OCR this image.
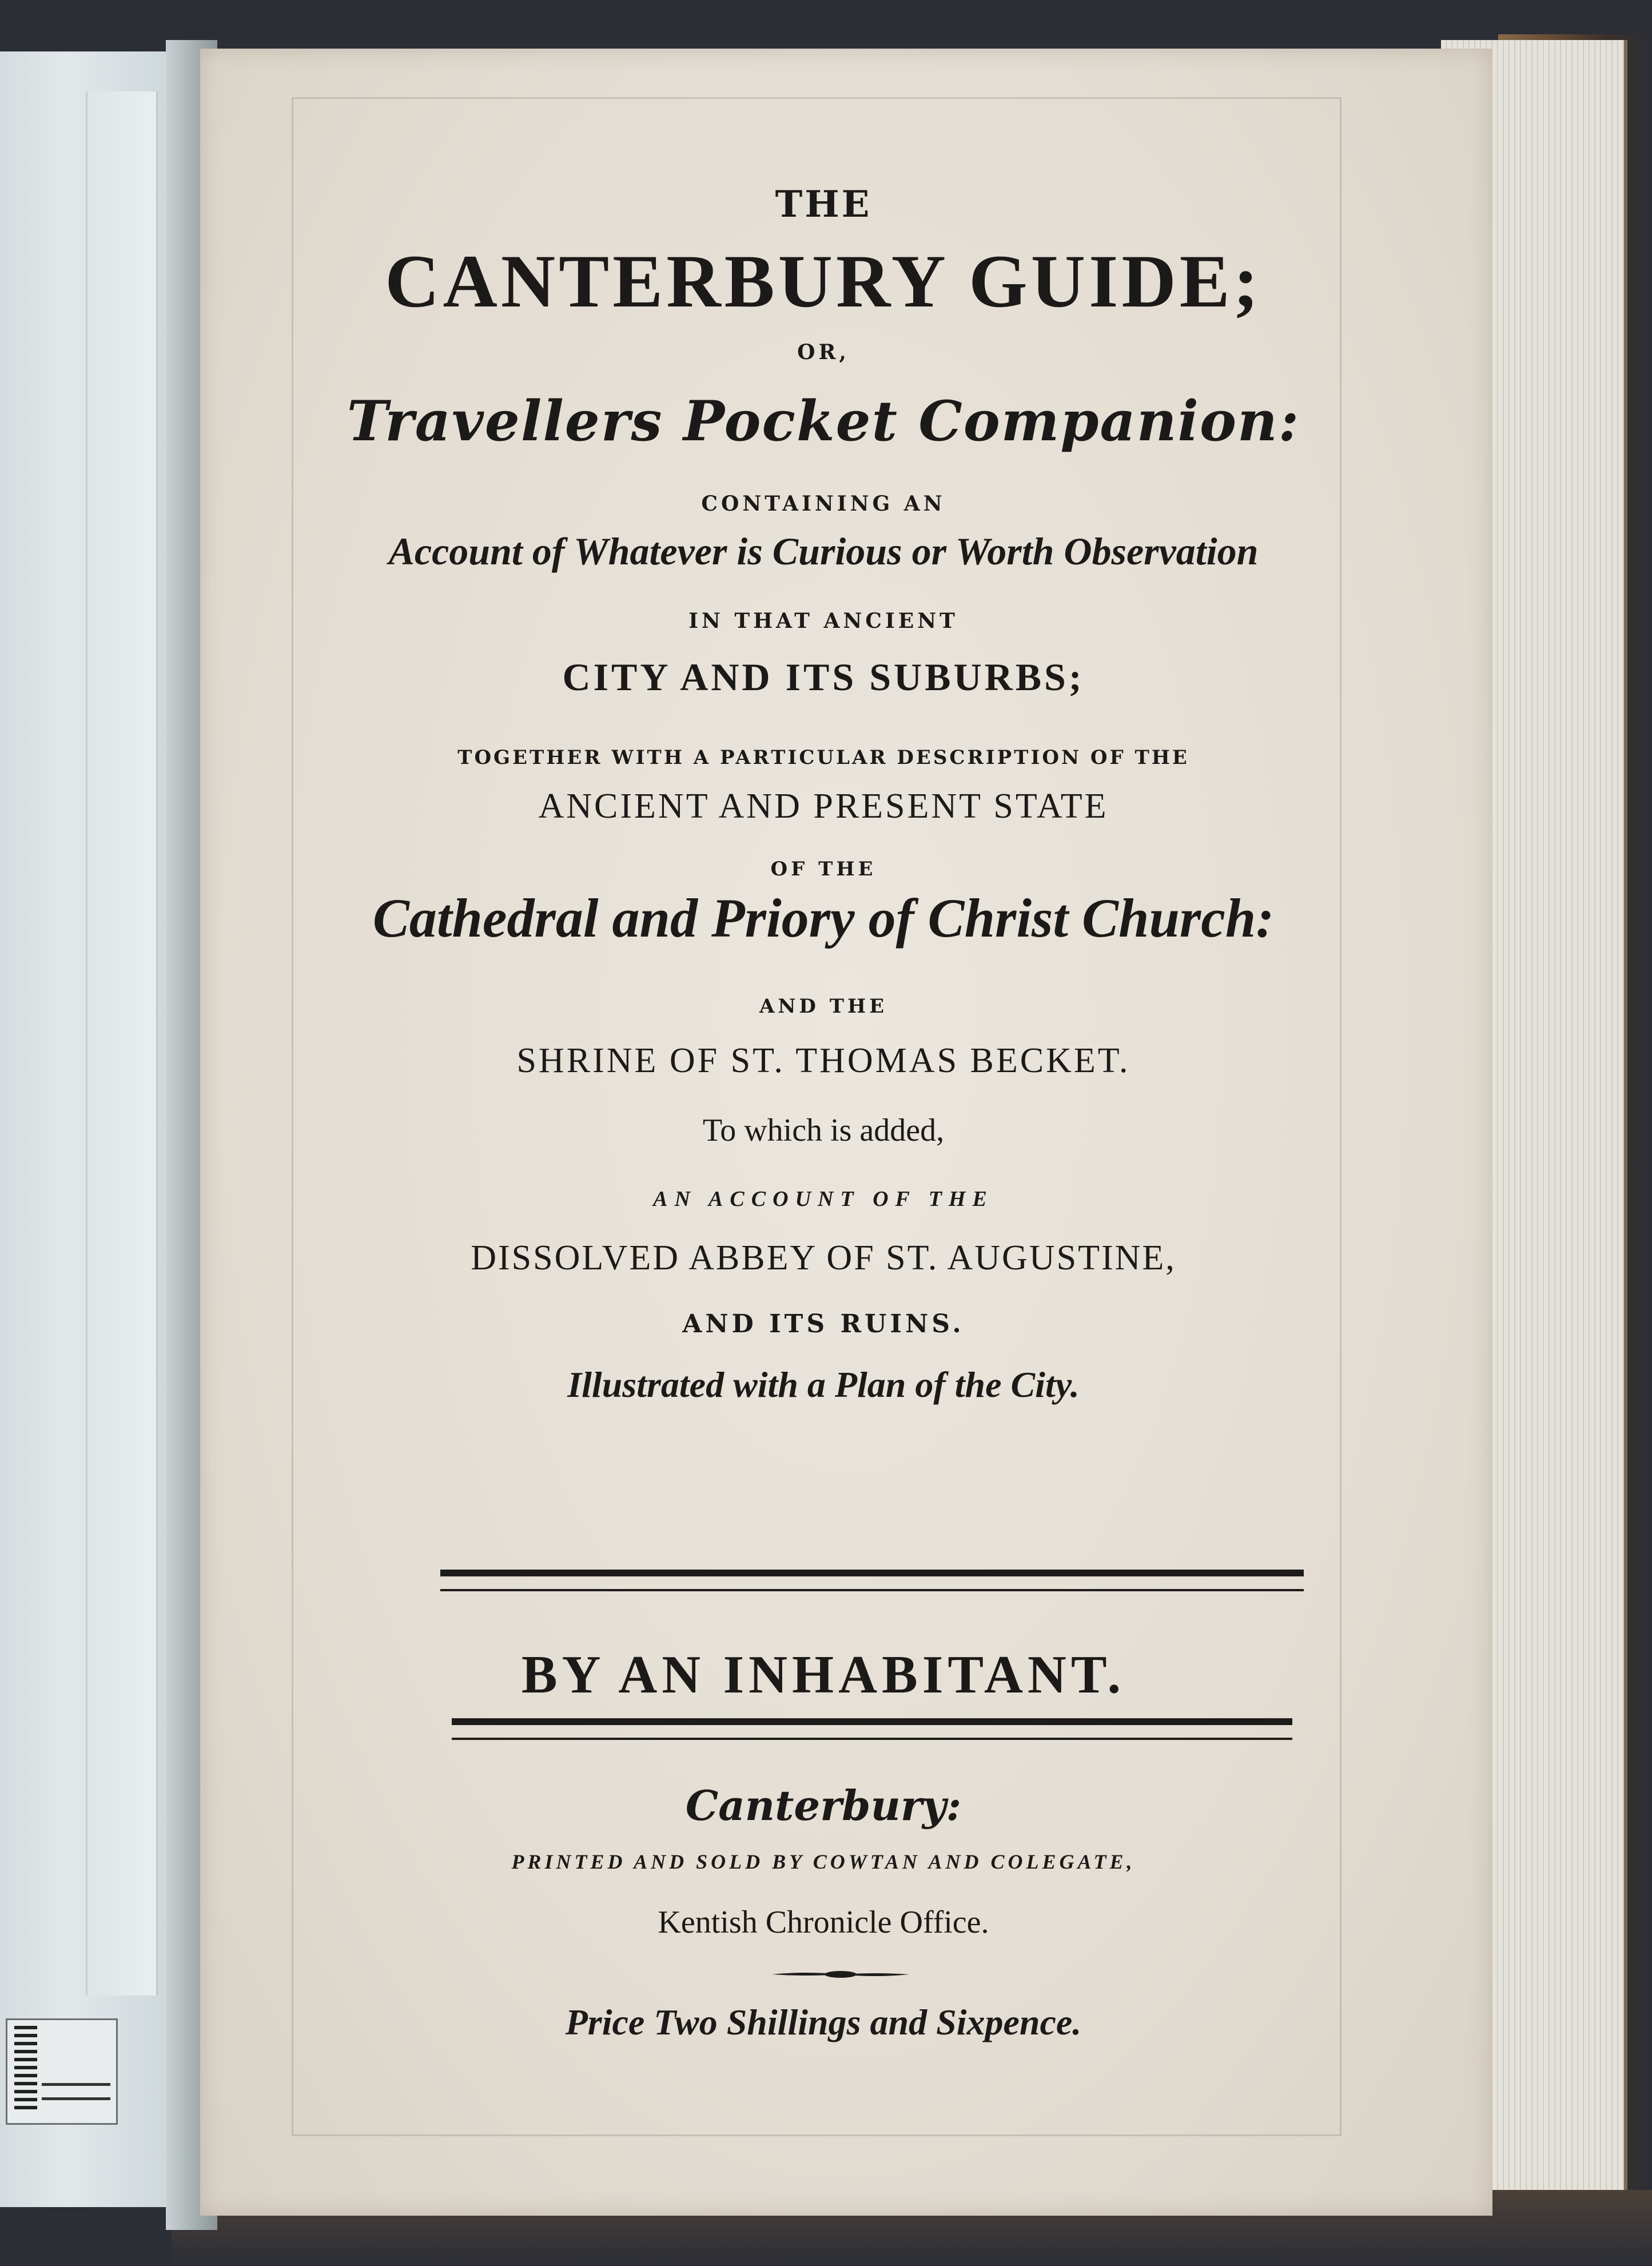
THE

CANTERBURY GUIDE;

OR,

Travellers Pocket Companion:

CONTAINING AN

Account of Whatever is Curious or Worth Observation

IN THAT ANCIENT

CITY AND ITS SUBURBS;

TOGETHER WITH A PARTICULAR DESCRIPTION OF THE

ANCIENT AND PRESENT STATE

OF THE

Cathedral and Priory of Christ Church:

AND THE

SHRINE OF ST. THOMAS BECKET.

To which is added,

AN ACCOUNT OF THE

DISSOLVED ABBEY OF ST. AUGUSTINE,

AND ITS RUINS.

Illustrated with a Plan of the City.

BY AN INHABITANT.

Canterbury:

PRINTED AND SOLD BY COWTAN AND COLEGATE,

Kentish Chronicle Office.

Price Two Shillings and Sixpence.
